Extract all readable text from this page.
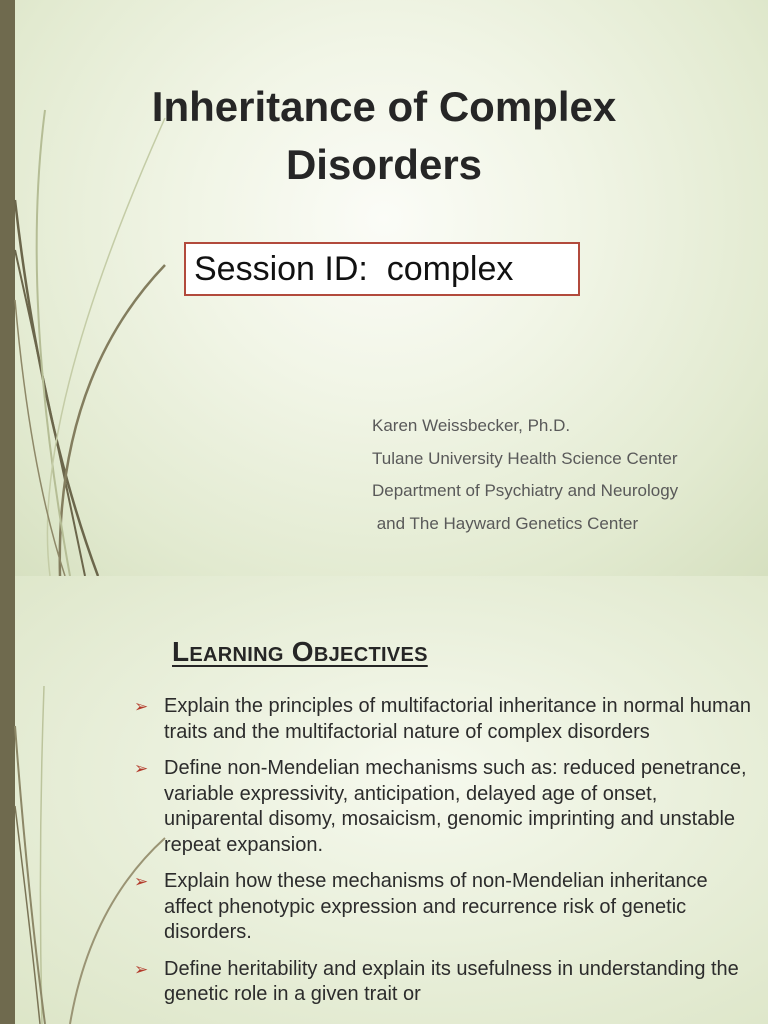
Inheritance of Complex Disorders
Session ID:  complex
Karen Weissbecker, Ph.D.
Tulane University Health Science Center
Department of Psychiatry and Neurology
and The Hayward Genetics Center
Learning Objectives
➢ Explain the principles of multifactorial inheritance in normal human traits and the multifactorial nature of complex disorders
➢ Define non-Mendelian mechanisms such as: reduced penetrance, variable expressivity, anticipation, delayed age of onset, uniparental disomy, mosaicism, genomic imprinting and unstable repeat expansion.
➢ Explain how these mechanisms of non-Mendelian inheritance affect phenotypic expression and recurrence risk of genetic disorders.
➢ Define heritability and explain its usefulness in understanding the genetic role in a given trait or
